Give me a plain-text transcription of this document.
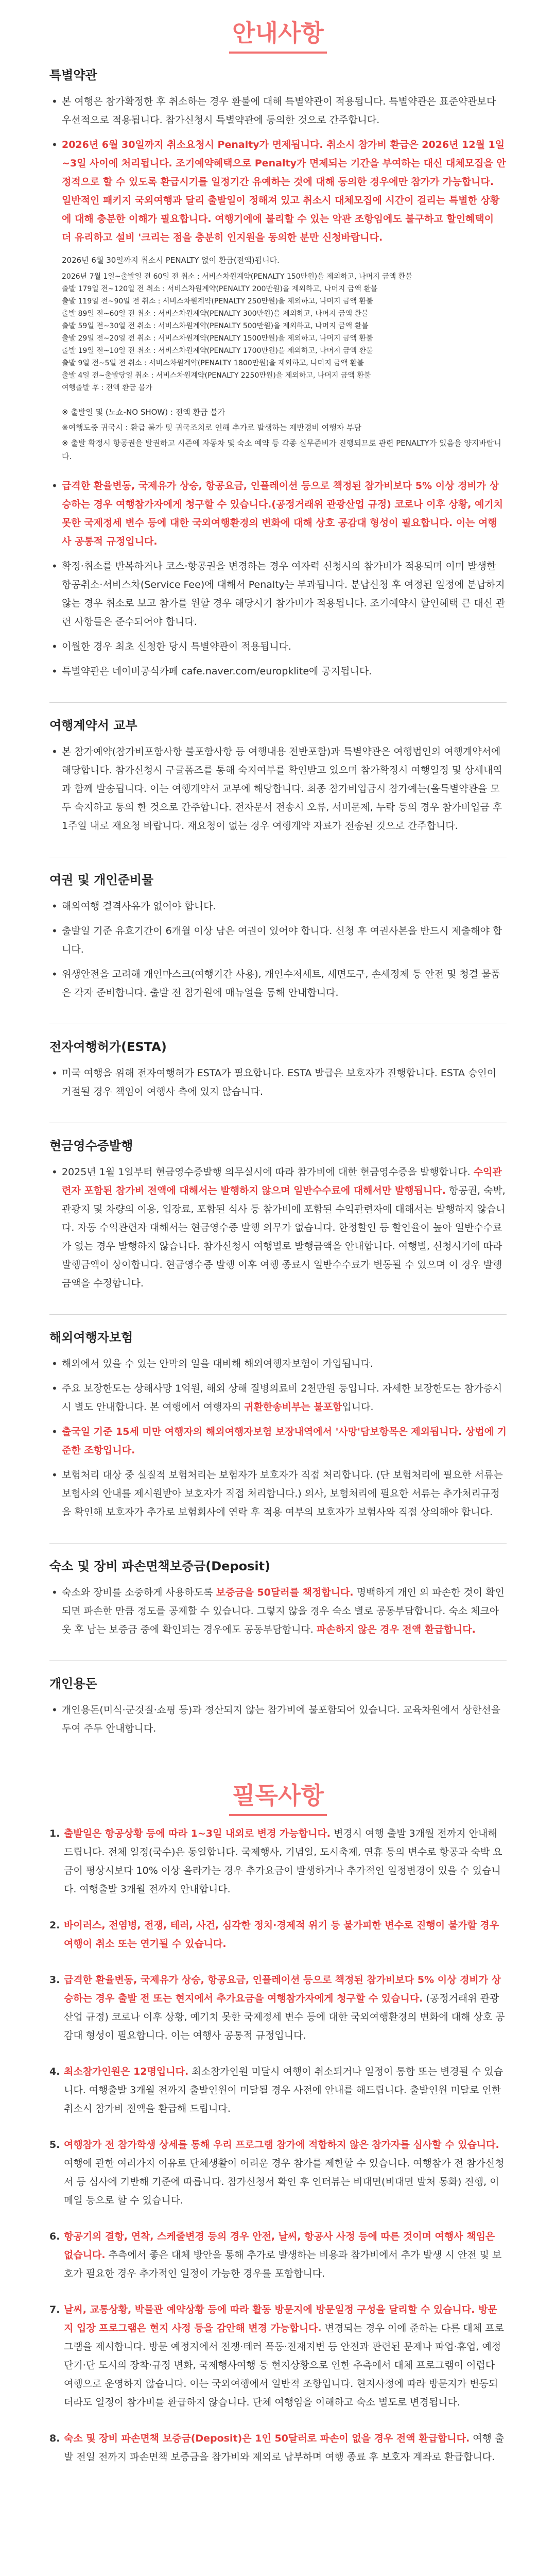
안내사항
특별약관
• 본 여행은 참가확정한 후 취소하는 경우 환불에 대해 특별약관이 적용됩니다. 특별약관은 표준약관보다 우선적으로 적용됩니다. 참가신청시 특별약관에 동의한 것으로 간주합니다.
• 2026년 6월 30일까지 취소요청시 Penalty가 면제됩니다. 취소시 참가비 환급은 2026년 12월 1일~3일 사이에 처리됩니다. 조기예약혜택으로 Penalty가 면제되는 기간을 부여하는 대신 대체모집을 안정적으로 할 수 있도록 환급시기를 일정기간 유예하는 것에 대해 동의한 경우에만 참가가 가능합니다. 일반적인 패키지 국외여행과 달리 출발일이 정해져 있고 취소시 대체모집에 시간이 걸리는 특별한 상황에 대해 충분한 이해가 필요합니다. 여행기에에 불리할 수 있는 악관 조항임에도 불구하고 할인혜택이 더 유리하고 설비 '크리는 점을 충분히 인지원을 동의한 분만 신청바랍니다.
2026년 6월 30일까지 취소시 PENALTY 없이 환급(전액)됩니다.
2026년 7월 1일~출발일 전 60일 전 취소 : 서비스차원계약(PENALTY 150만원)을 제외하고, 나머지 금액 환불
출발 179일 전~120일 전 취소 : 서비스차원계약(PENALTY 200만원)을 제외하고, 나머지 금액 환불
출발 119일 전~90일 전 취소 : 서비스차원계약(PENALTY 250만원)을 제외하고, 나머지 금액 환불
출발 89일 전~60일 전 취소 : 서비스차원계약(PENALTY 300만원)을 제외하고, 나머지 금액 환불
출발 59일 전~30일 전 취소 : 서비스차원계약(PENALTY 500만원)을 제외하고, 나머지 금액 환불
출발 29일 전~20일 전 취소 : 서비스차원계약(PENALTY 1500만원)을 제외하고, 나머지 금액 환불
출발 19일 전~10일 전 취소 : 서비스차원계약(PENALTY 1700만원)을 제외하고, 나머지 금액 환불
출발 9일 전~5일 전 취소 : 서비스차원계약(PENALTY 1800만원)을 제외하고, 나머지 금액 환불
출발 4일 전~출발당일 취소 : 서비스차원계약(PENALTY 2250만원)을 제외하고, 나머지 금액 환불
여행출발 후 : 전액 환급 불가

※ 출발일 및 (노쇼-NO SHOW) : 전액 환급 불가

※여행도중 귀국시 : 환급 불가 및 귀국조치로 인해 추가로 발생하는 제반경비 여행자 부담

※ 출발 확정시 항공권을 발권하고 시즌에 자동차 및 숙소 예약 등 각종 실무준비가 진행되므로 관련 PENALTY가 있음을 양지바랍니다.

• 급격한 환율변동, 국제유가 상승, 항공요금, 인플레이션 등으로 책정된 참가비보다 5% 이상 경비가 상승하는 경우 여행참가자에게 청구할 수 있습니다.(공정거래위 관광산업 규정) 코로나 이후 상황, 예기치 못한 국제정세 변수 등에 대한 국외여행환경의 변화에 대해 상호 공감대 형성이 필요합니다. 이는 여행사 공통적 규정입니다.
• 확정·취소를 반복하거나 코스·항공권을 변경하는 경우 여자력 신청시의 참가비가 적용되며 이미 발생한 항공취소·서비스차(Service Fee)에 대해서 Penalty는 부과됩니다. 분납신청 후 여정된 일정에 분납하지 않는 경우 취소로 보고 참가를 원할 경우 해당시기 참가비가 적용됩니다. 조기예약시 할인혜택 큰 대신 관련 사항들은 준수되어야 합니다.
• 이월한 경우 최초 신청한 당시 특별약관이 적용됩니다.
• 특별약관은 네이버공식카페 cafe.naver.com/europklite에 공지됩니다.
여행계약서 교부
• 본 참가예약(참가비포함사항 불포함사항 등 여행내용 전반포함)과 특별약관은 여행법인의 여행계약서에 해당합니다. 참가신청시 구글폼즈를 통해 숙지여부를 확인받고 있으며 참가확정시 여행일정 및 상세내역과 함께 발송됩니다. 이는 여행계약서 교부에 해당합니다. 최종 참가비입금시 참가예는(올특별약관을 모두 숙지하고 동의 한 것으로 간주합니다. 전자문서 전송시 오류, 서버문제, 누락 등의 경우 참가비입금 후 1주일 내로 재요청 바랍니다. 재요청이 없는 경우 여행계약 자료가 전송된 것으로 간주합니다.
여권 및 개인준비물
• 해외여행 결격사유가 없어야 합니다.
• 출발일 기준 유효기간이 6개월 이상 남은 여권이 있어야 합니다. 신청 후 여권사본을 반드시 제출해야 합니다.
• 위생안전을 고려해 개인마스크(여행기간 사용), 개인수저세트, 세면도구, 손세정제 등 안전 및 청결 물품은 각자 준비합니다. 출발 전 참가원에 매뉴얼을 통해 안내합니다.
전자여행허가(ESTA)
• 미국 여행을 위해 전자여행허가 ESTA가 필요합니다. ESTA 발급은 보호자가 진행합니다. ESTA 승인이 거절될 경우 책임이 여행사 측에 있지 않습니다.
현금영수증발행
• 2025년 1월 1일부터 현금영수증발행 의무실시에 따라 참가비에 대한 현금영수증을 발행합니다. 수익관련자 포함된 참가비 전액에 대해서는 발행하지 않으며 일반수수료에 대해서만 발행됩니다. 항공권, 숙박, 관광지 및 차량의 이용, 입장료, 포함된 식사 등 참가비에 포함된 수익관련자에 대해서는 발행하지 않습니다. 자동 수익관련자 대해서는 현금영수증 발행 의무가 없습니다. 한정할인 등 할인율이 높아 일반수수료가 없는 경우 발행하지 않습니다. 참가신청시 여행별로 발행금액을 안내합니다. 여행별, 신청시기에 따라 발행금액이 상이합니다. 현금영수증 발행 이후 여행 종료시 일반수수료가 변동될 수 있으며 이 경우 발행금액을 수정합니다.
해외여행자보험
• 해외에서 있을 수 있는 안막의 일을 대비해 해외여행자보험이 가입됩니다.
• 주요 보장한도는 상해사망 1억원, 해외 상해 질병의료비 2천만원 등입니다. 자세한 보장한도는 참가증시 시 별도 안내합니다. 본 여행에서 여행자의 귀환한송비부는 불포함입니다.
• 출국일 기준 15세 미만 여행자의 해외여행자보험 보장내역에서 '사망'담보항목은 제외됩니다. 상법에 기준한 조항입니다.
• 보험처리 대상 중 실질적 보험처리는 보험자가 보호자가 직접 처리합니다. (단 보험처리에 필요한 서류는 보험사의 안내를 제시원받아 보호자가 직접 처리합니다.) 의사, 보험처리에 필요한 서류는 추가처리규정을 확인해 보호자가 추가로 보험회사에 연락 후 적용 여부의 보호자가 보험사와 직접 상의해야 합니다.
숙소 및 장비 파손면책보증금(Deposit)
• 숙소와 장비를 소중하게 사용하도록 보증금을 50달러를 책정합니다. 명백하게 개인 의 파손한 것이 확인되면 파손한 만큼 정도를 공제할 수 있습니다. 그렇지 않을 경우 숙소 별로 공동부담합니다. 숙소 체크아웃 후 남는 보증금 중에 확인되는 경우에도 공동부담합니다. 파손하지 않은 경우 전액 환급합니다.
개인용돈
• 개인용돈(미식·군것질·쇼핑 등)과 정산되지 않는 참가비에 불포함되어 있습니다. 교육차원에서 상한선을 두여 주두 안내합니다.
필독사항
1. 출발일은 항공상황 등에 따라 1~3일 내외로 변경 가능합니다. 변경시 여행 출발 3개월 전까지 안내해 드립니다. 전체 일정(국수)은 동일합니다. 국제행사, 기념일, 도시축제, 연휴 등의 변수로 항공과 숙박 요금이 평상시보다 10% 이상 올라가는 경우 추가요금이 발생하거나 추가적인 일정변경이 있을 수 있습니다. 여행출발 3개월 전까지 안내합니다.
2. 바이러스, 전염병, 전쟁, 테러, 사건, 심각한 정치·경제적 위기 등 불가피한 변수로 진행이 불가할 경우 여행이 취소 또는 연기될 수 있습니다.
3. 급격한 환율변동, 국제유가 상승, 항공요금, 인플레이션 등으로 책정된 참가비보다 5% 이상 경비가 상승하는 경우 출발 전 또는 현지에서 추가요금을 여행참가자에게 청구할 수 있습니다. (공정거래위 관광산업 규정) 코로나 이후 상황, 예기치 못한 국제정세 변수 등에 대한 국외여행환경의 변화에 대해 상호 공감대 형성이 필요합니다. 이는 여행사 공통적 규정입니다.
4. 최소참가인원은 12명입니다. 최소참가인원 미달시 여행이 취소되거나 일정이 통합 또는 변경될 수 있습니다. 여행출발 3개월 전까지 출발인원이 미달될 경우 사전에 안내를 해드립니다. 출발인원 미달로 인한 취소시 참가비 전액을 환급해 드립니다.
5. 여행참가 전 참가학생 상세를 통해 우리 프로그램 참가에 적합하지 않은 참가자를 심사할 수 있습니다. 여행에 관한 여러가지 이유로 단체생활이 어려운 경우 참가를 제한할 수 있습니다. 여행참가 전 참가신청서 등 심사에 기반해 기준에 따릅니다. 참가신청서 확인 후 인터뷰는 비대면(비대면 발처 통화) 진행, 이메일 등으로 할 수 있습니다.
6. 항공기의 결항, 연착, 스케줄변경 등의 경우 안전, 날씨, 항공사 사정 등에 따른 것이며 여행사 책임은 없습니다. 추측에서 좋은 대체 방안을 통해 추가로 발생하는 비용과 참가비에서 추가 발생 시 안전 및 보호가 필요한 경우 추가적인 일정이 가능한 경우를 포함합니다.
7. 날씨, 교통상황, 박물관 예약상황 등에 따라 활동 방문지에 방문일정 구성을 달리할 수 있습니다. 방문지 입장 프로그램은 현지 사정 등을 감안해 변경 가능합니다. 변경되는 경우 이에 준하는 다른 대체 프로그램을 제시합니다. 방문 예정지에서 전쟁·테러 폭동·전재지변 등 안전과 관련된 문제나 파업·휴업, 예정 단기·단 도시의 장착·규정 변화, 국제행사여행 등 현지상황으로 인한 추측에서 대체 프로그램이 어렵다 여행으로 운영하지 않습니다. 이는 국외여행에서 일반적 조항입니다. 현지사정에 따라 방문지가 변동되더라도 일정이 참가비를 환급하지 않습니다. 단체 여행임을 이해하고 숙소 별도로 변경됩니다.
8. 숙소 및 장비 파손면책 보증금(Deposit)은 1인 50달러로 파손이 없을 경우 전액 환급합니다. 여행 출발 전일 전까지 파손면책 보증금을 참가비와 제외로 납부하며 여행 종료 후 보호자 계좌로 환급합니다.
